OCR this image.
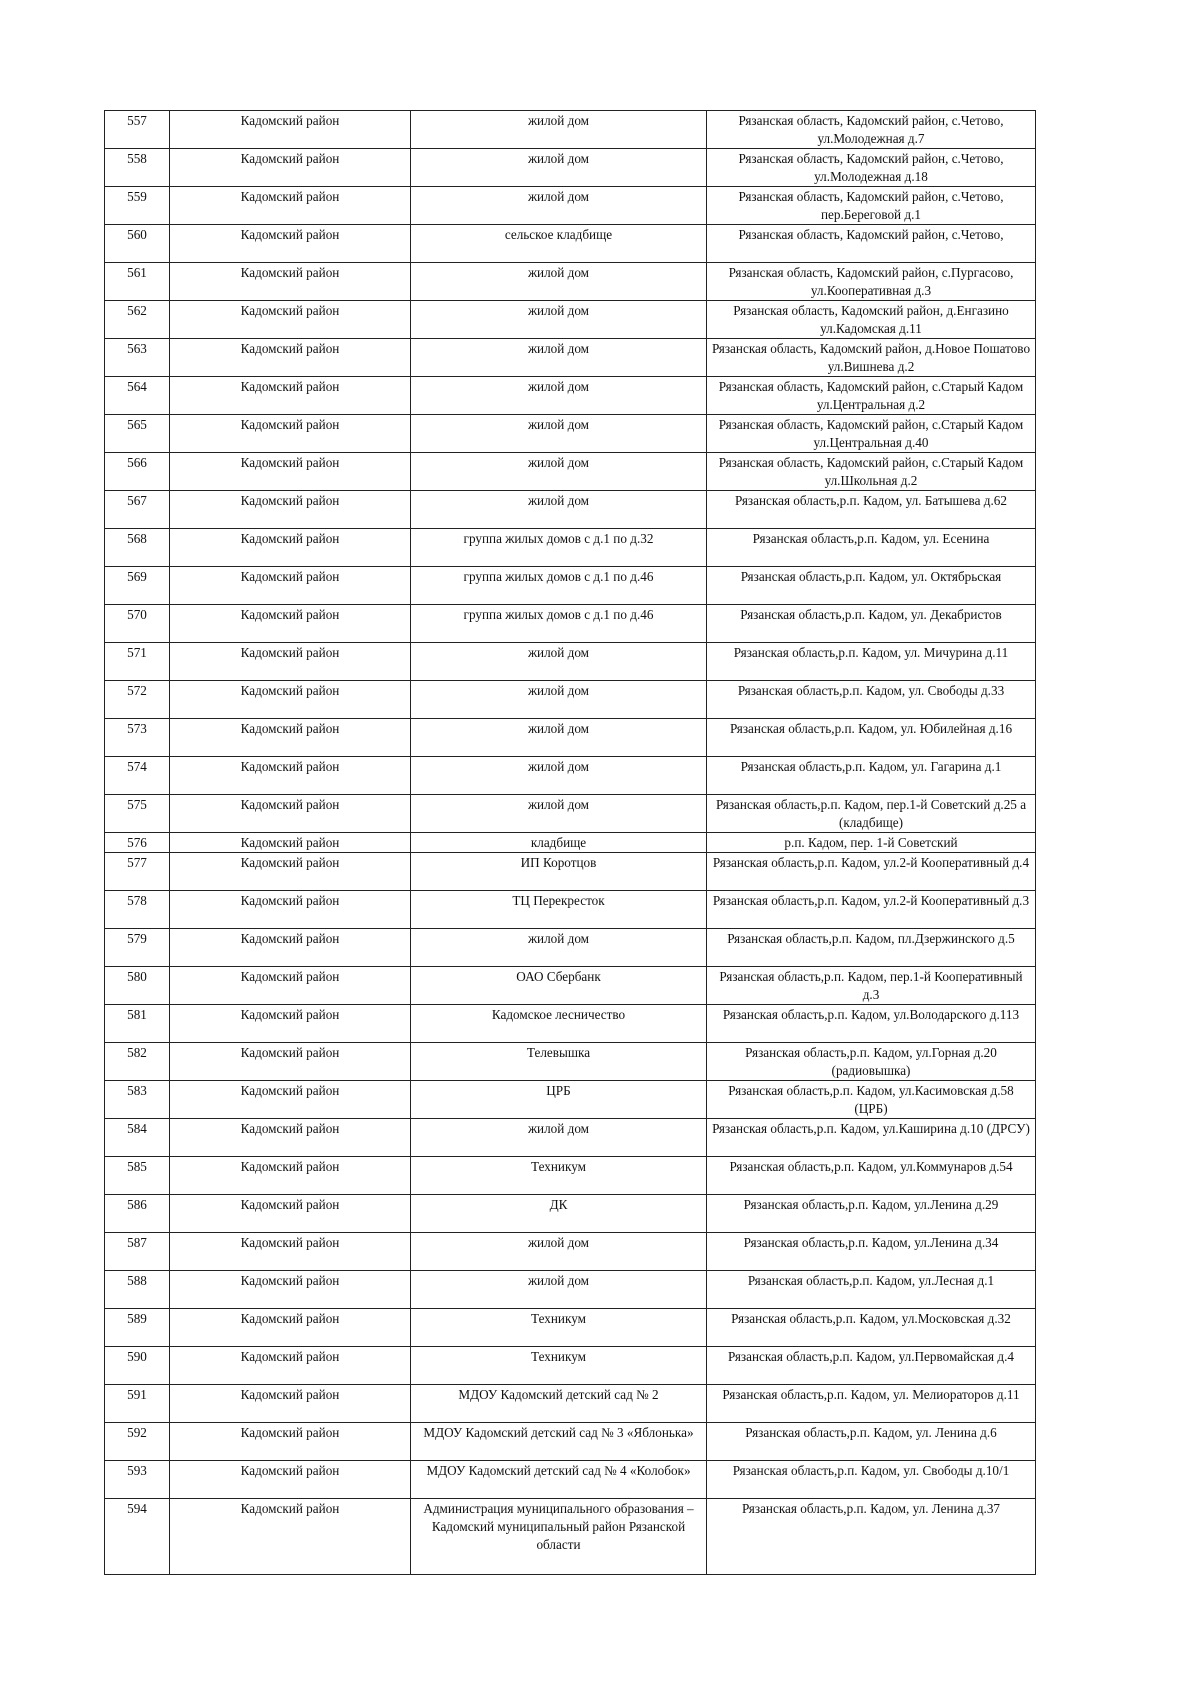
557	Кадомский район	жилой дом	Рязанская область, Кадомский район, с.Четово, ул.Молодежная д.7
558	Кадомский район	жилой дом	Рязанская область, Кадомский район, с.Четово, ул.Молодежная д.18
559	Кадомский район	жилой дом	Рязанская область, Кадомский район, с.Четово, пер.Береговой д.1
560	Кадомский район	сельское кладбище	Рязанская область, Кадомский район, с.Четово,
561	Кадомский район	жилой дом	Рязанская область, Кадомский район, с.Пургасово, ул.Кооперативная д.3
562	Кадомский район	жилой дом	Рязанская область, Кадомский район, д.Енгазино ул.Кадомская д.11
563	Кадомский район	жилой дом	Рязанская область, Кадомский район, д.Новое Пошатово ул.Вишнева д.2
564	Кадомский район	жилой дом	Рязанская область, Кадомский район, с.Старый Кадом ул.Центральная д.2
565	Кадомский район	жилой дом	Рязанская область, Кадомский район, с.Старый Кадом ул.Центральная д.40
566	Кадомский район	жилой дом	Рязанская область, Кадомский район, с.Старый Кадом ул.Школьная д.2
567	Кадомский район	жилой дом	Рязанская область,р.п. Кадом, ул. Батышева д.62
568	Кадомский район	группа жилых домов с д.1 по д.32	Рязанская область,р.п. Кадом, ул. Есенина
569	Кадомский район	группа жилых домов с д.1 по д.46	Рязанская область,р.п. Кадом, ул. Октябрьская
570	Кадомский район	группа жилых домов с д.1 по д.46	Рязанская область,р.п. Кадом, ул. Декабристов
571	Кадомский район	жилой дом	Рязанская область,р.п. Кадом, ул. Мичурина д.11
572	Кадомский район	жилой дом	Рязанская область,р.п. Кадом, ул. Свободы д.33
573	Кадомский район	жилой дом	Рязанская область,р.п. Кадом, ул. Юбилейная д.16
574	Кадомский район	жилой дом	Рязанская область,р.п. Кадом, ул. Гагарина д.1
575	Кадомский район	жилой дом	Рязанская область,р.п. Кадом, пер.1-й Советский д.25 а (кладбище)
576	Кадомский район	кладбище	р.п. Кадом, пер. 1-й Советский
577	Кадомский район	ИП Коротцов	Рязанская область,р.п. Кадом, ул.2-й Кооперативный д.4
578	Кадомский район	ТЦ Перекресток	Рязанская область,р.п. Кадом, ул.2-й Кооперативный д.3
579	Кадомский район	жилой дом	Рязанская область,р.п. Кадом, пл.Дзержинского д.5
580	Кадомский район	ОАО Сбербанк	Рязанская область,р.п. Кадом, пер.1-й Кооперативный д.3
581	Кадомский район	Кадомское лесничество	Рязанская область,р.п. Кадом, ул.Володарского д.113
582	Кадомский район	Телевышка	Рязанская область,р.п. Кадом, ул.Горная д.20 (радиовышка)
583	Кадомский район	ЦРБ	Рязанская область,р.п. Кадом, ул.Касимовская д.58 (ЦРБ)
584	Кадомский район	жилой дом	Рязанская область,р.п. Кадом, ул.Каширина д.10 (ДРСУ)
585	Кадомский район	Техникум	Рязанская область,р.п. Кадом, ул.Коммунаров д.54
586	Кадомский район	ДК	Рязанская область,р.п. Кадом, ул.Ленина д.29
587	Кадомский район	жилой дом	Рязанская область,р.п. Кадом, ул.Ленина д.34
588	Кадомский район	жилой дом	Рязанская область,р.п. Кадом, ул.Лесная д.1
589	Кадомский район	Техникум	Рязанская область,р.п. Кадом, ул.Московская д.32
590	Кадомский район	Техникум	Рязанская область,р.п. Кадом, ул.Первомайская д.4
591	Кадомский район	МДОУ Кадомский детский сад № 2	Рязанская область,р.п. Кадом, ул. Мелиораторов д.11
592	Кадомский район	МДОУ Кадомский детский сад № 3 «Яблонька»	Рязанская область,р.п. Кадом, ул. Ленина д.6
593	Кадомский район	МДОУ Кадомский детский сад № 4 «Колобок»	Рязанская область,р.п. Кадом, ул. Свободы д.10/1
594	Кадомский район	Администрация муниципального образования – Кадомский муниципальный район Рязанской области	Рязанская область,р.п. Кадом, ул. Ленина д.37
